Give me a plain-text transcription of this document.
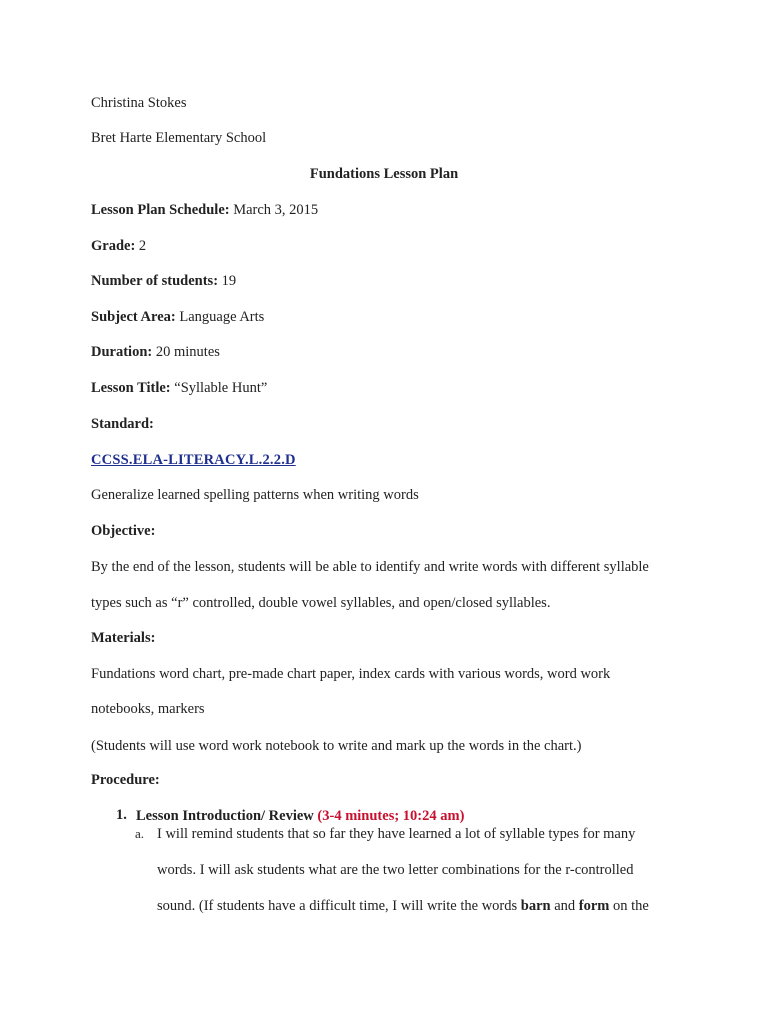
Christina Stokes
Bret Harte Elementary School
Fundations Lesson Plan
Lesson Plan Schedule: March 3, 2015
Grade: 2
Number of students: 19
Subject Area: Language Arts
Duration: 20 minutes
Lesson Title: “Syllable Hunt”
Standard:
CCSS.ELA-LITERACY.L.2.2.D
Generalize learned spelling patterns when writing words
Objective:
By the end of the lesson, students will be able to identify and write words with different syllable
types such as “r” controlled, double vowel syllables, and open/closed syllables.
Materials:
Fundations word chart, pre-made chart paper, index cards with various words, word work
notebooks, markers
(Students will use word work notebook to write and mark up the words in the chart.)
Procedure:
1. Lesson Introduction/ Review (3-4 minutes; 10:24 am)
a. I will remind students that so far they have learned a lot of syllable types for many
words. I will ask students what are the two letter combinations for the r-controlled
sound. (If students have a difficult time, I will write the words barn and form on the
